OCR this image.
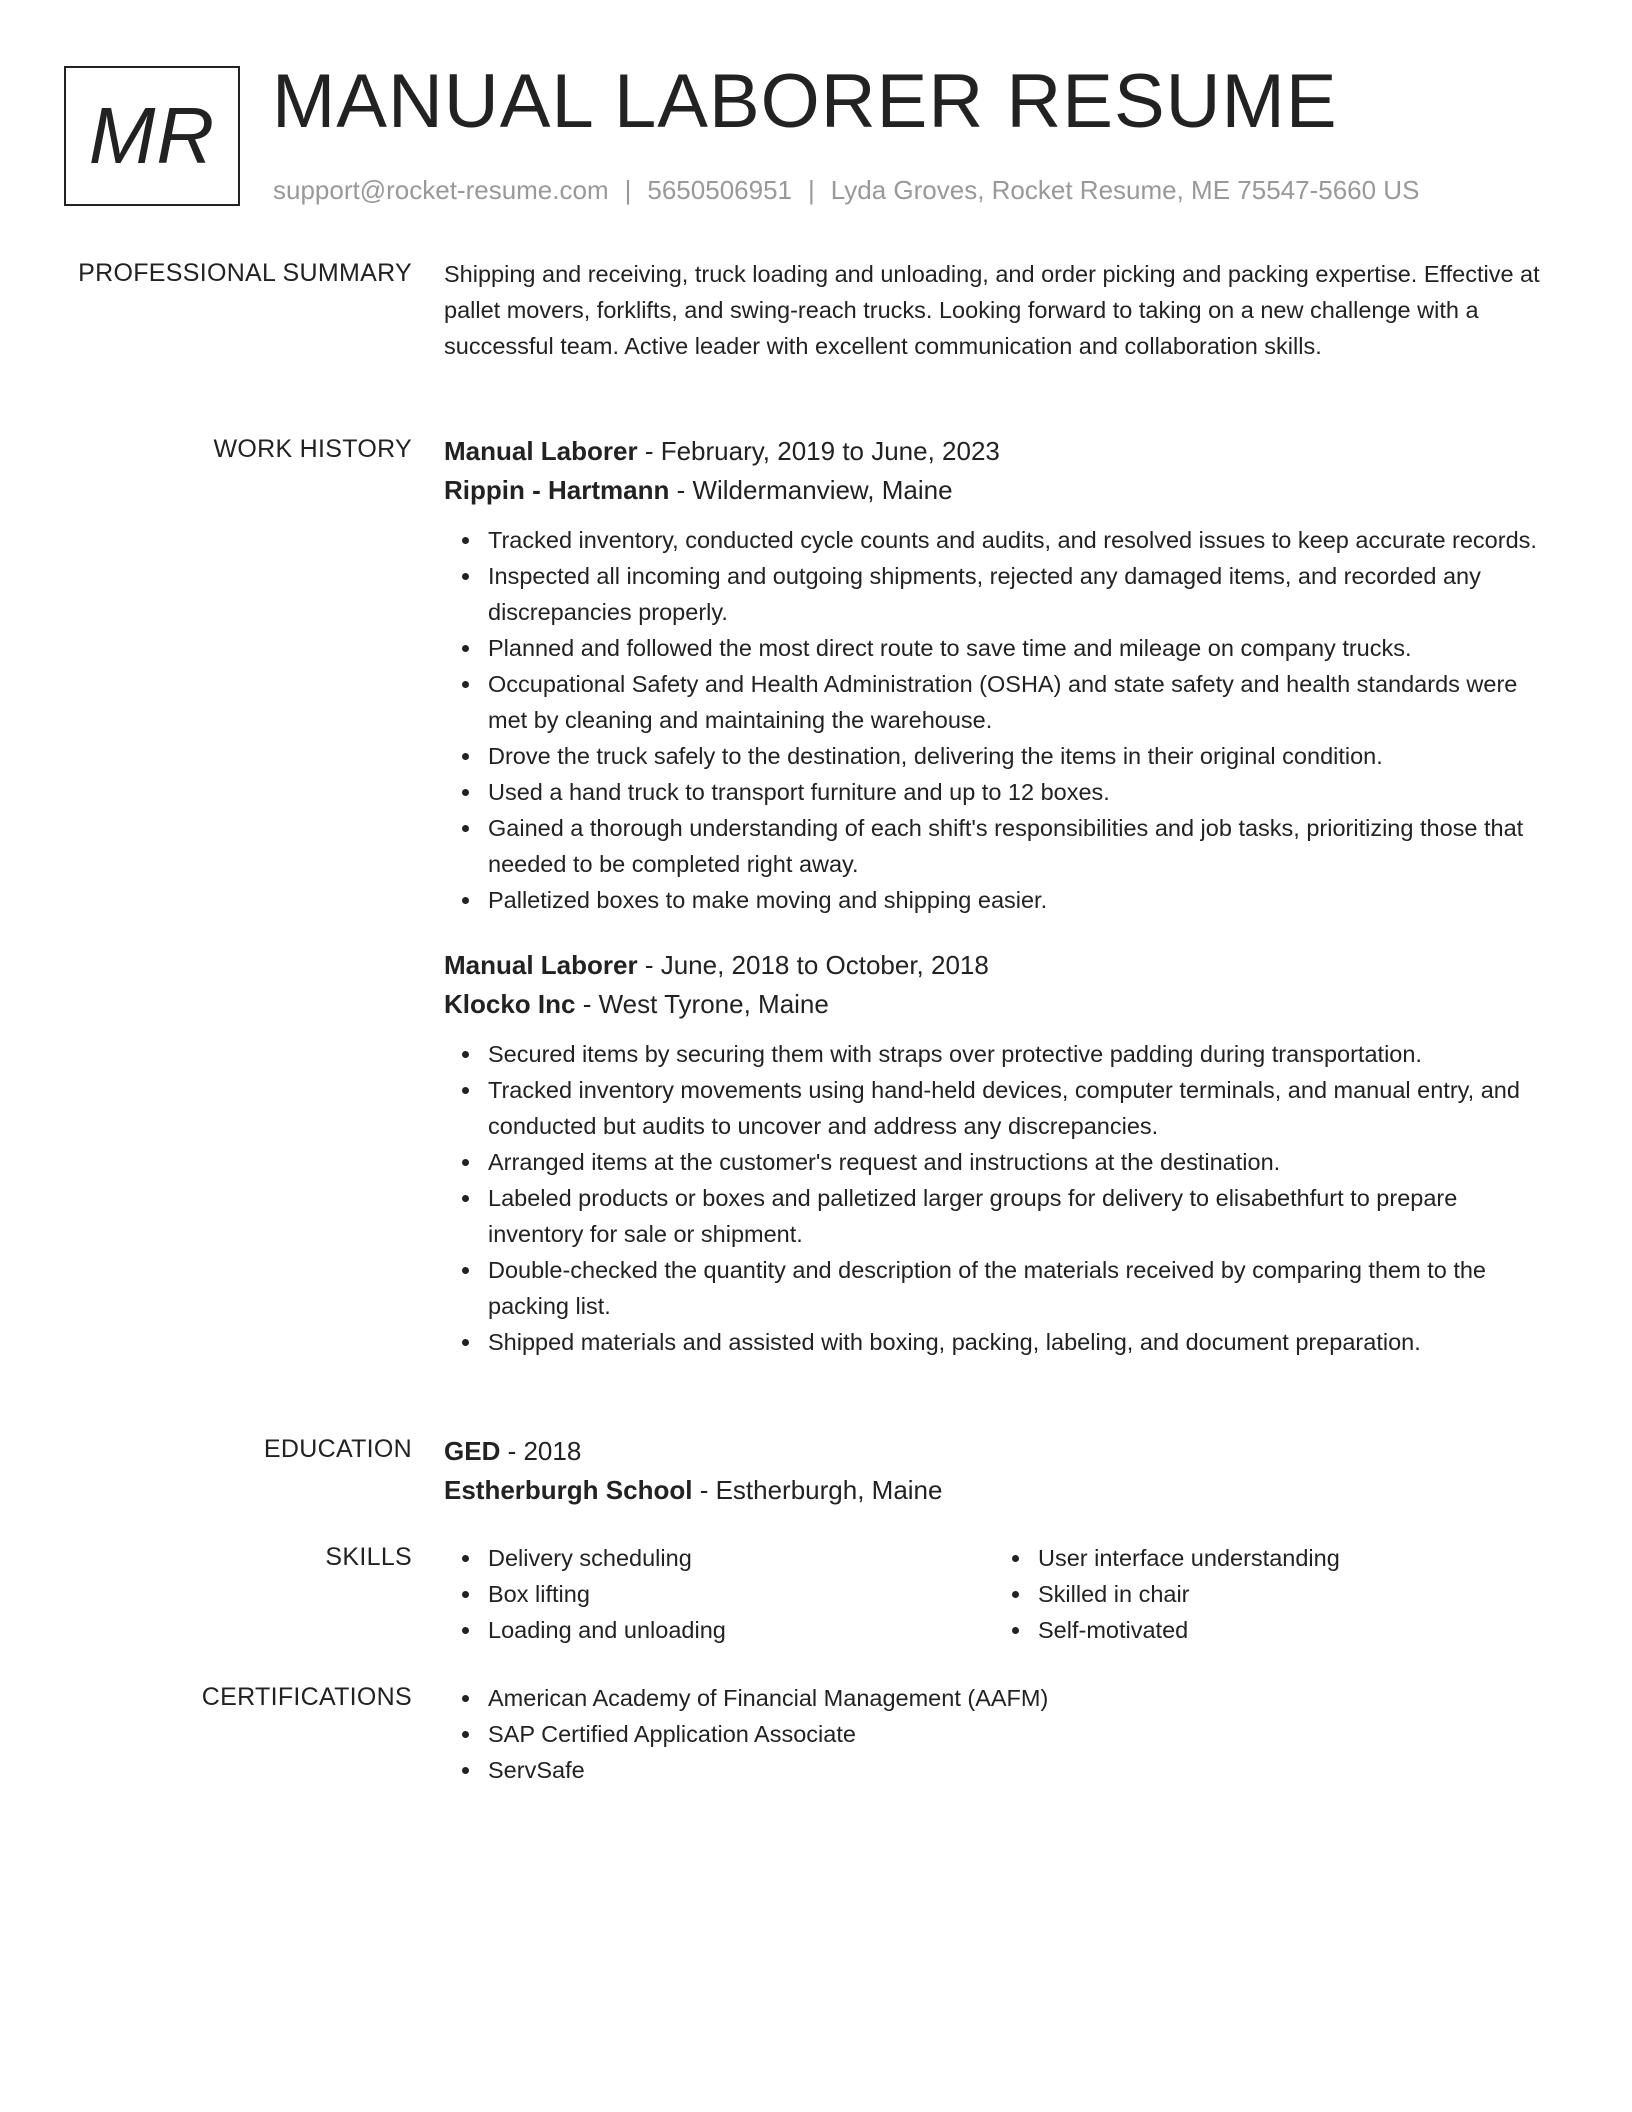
MR MANUAL LABORER RESUME
support@rocket-resume.com | 5650506951 | Lyda Groves, Rocket Resume, ME 75547-5660 US
PROFESSIONAL SUMMARY Shipping and receiving, truck loading and unloading, and order picking and packing expertise. Effective at pallet movers, forklifts, and swing-reach trucks. Looking forward to taking on a new challenge with a successful team. Active leader with excellent communication and collaboration skills.

WORK HISTORY Manual Laborer - February, 2019 to June, 2023
Rippin - Hartmann - Wildermanview, Maine
Tracked inventory, conducted cycle counts and audits, and resolved issues to keep accurate records.
Inspected all incoming and outgoing shipments, rejected any damaged items, and recorded any discrepancies properly.
Planned and followed the most direct route to save time and mileage on company trucks.
Occupational Safety and Health Administration (OSHA) and state safety and health standards were met by cleaning and maintaining the warehouse.
Drove the truck safely to the destination, delivering the items in their original condition.
Used a hand truck to transport furniture and up to 12 boxes.
Gained a thorough understanding of each shift's responsibilities and job tasks, prioritizing those that needed to be completed right away.
Palletized boxes to make moving and shipping easier.
Manual Laborer - June, 2018 to October, 2018
Klocko Inc - West Tyrone, Maine
Secured items by securing them with straps over protective padding during transportation.
Tracked inventory movements using hand-held devices, computer terminals, and manual entry, and conducted but audits to uncover and address any discrepancies.
Arranged items at the customer's request and instructions at the destination.
Labeled products or boxes and palletized larger groups for delivery to elisabethfurt to prepare inventory for sale or shipment.
Double-checked the quantity and description of the materials received by comparing them to the packing list.
Shipped materials and assisted with boxing, packing, labeling, and document preparation.
EDUCATION GED - 2018
Estherburgh School - Estherburgh, Maine
SKILLS	Delivery scheduling
Box lifting
Loading and unloading
User interface understanding
Skilled in chair
Self-motivated
CERTIFICATIONS	American Academy of Financial Management (AAFM)
SAP Certified Application Associate
ServSafe
